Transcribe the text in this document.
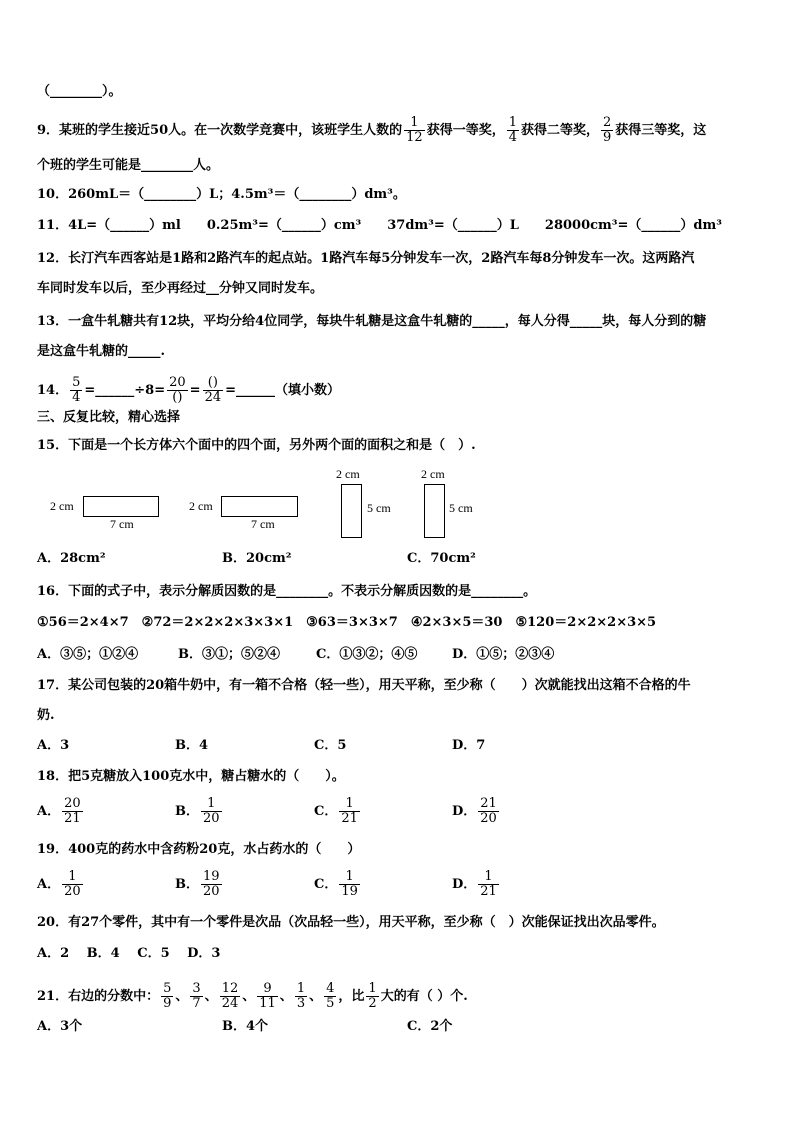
（________）。
9．某班的学生接近50人。在一次数学竞赛中，该班学生人数的 $\frac{1}{12}$ 获得一等奖， $\frac{1}{4}$ 获得二等奖， $\frac{2}{9}$ 获得三等奖，这
个班的学生可能是________人。
10．260mL＝（________）L；4.5m³＝（________）dm³。
11．4L=（______）ml　　0.25m³=（______）cm³　　37dm³=（______）L　　28000cm³=（______）dm³
12．长汀汽车西客站是1路和2路汽车的起点站。1路汽车每5分钟发车一次，2路汽车每8分钟发车一次。这两路汽
车同时发车以后，至少再经过__分钟又同时发车。
13．一盒牛轧糖共有12块，平均分给4位同学，每块牛轧糖是这盒牛轧糖的_____，每人分得_____块，每人分到的糖
是这盒牛轧糖的_____.
14． $\frac{5}{4}$ =______÷8= $\frac{20}{()} = \frac{()}{24}$ =______（填小数）
三、反复比较，精心选择
15．下面是一个长方体六个面中的四个面，另外两个面的面积之和是（　）.
2 cm
7 cm
2 cm
7 cm
2 cm
5 cm
2 cm
5 cm
A．28cm²	B．20cm²	C．70cm²
16．下面的式子中，表示分解质因数的是________。不表示分解质因数的是________。
①56＝2×4×7　②72＝2×2×2×3×3×1　③63＝3×3×7　④2×3×5＝30　⑤120＝2×2×2×3×5
A．③⑤；①②④	B．③①；⑤②④	C．①③②；④⑤	D．①⑤；②③④
17．某公司包装的20箱牛奶中，有一箱不合格（轻一些），用天平称，至少称（　　）次就能找出这箱不合格的牛
奶.
A．3	B．4	C．5	D．7
18．把5克糖放入100克水中，糖占糖水的（　　）。
A． $\frac{20}{21}$	B． $\frac{1}{20}$	C． $\frac{1}{21}$	D． $\frac{21}{20}$
19．400克的药水中含药粉20克，水占药水的（　　）
A． $\frac{1}{20}$	B． $\frac{19}{20}$	C． $\frac{1}{19}$	D． $\frac{1}{21}$
20．有27个零件，其中有一个零件是次品（次品轻一些），用天平称，至少称（　）次能保证找出次品零件。
A．2　 B．4　 C．5　 D．3
21．右边的分数中： $\frac{5}{9}$ 、 $\frac{3}{7}$ 、 $\frac{12}{24}$ 、 $\frac{9}{11}$ 、 $\frac{1}{3}$ 、 $\frac{4}{5}$ ，比 $\frac{1}{2}$ 大的有（ ）个.
A．3个	B．4个	C．2个
